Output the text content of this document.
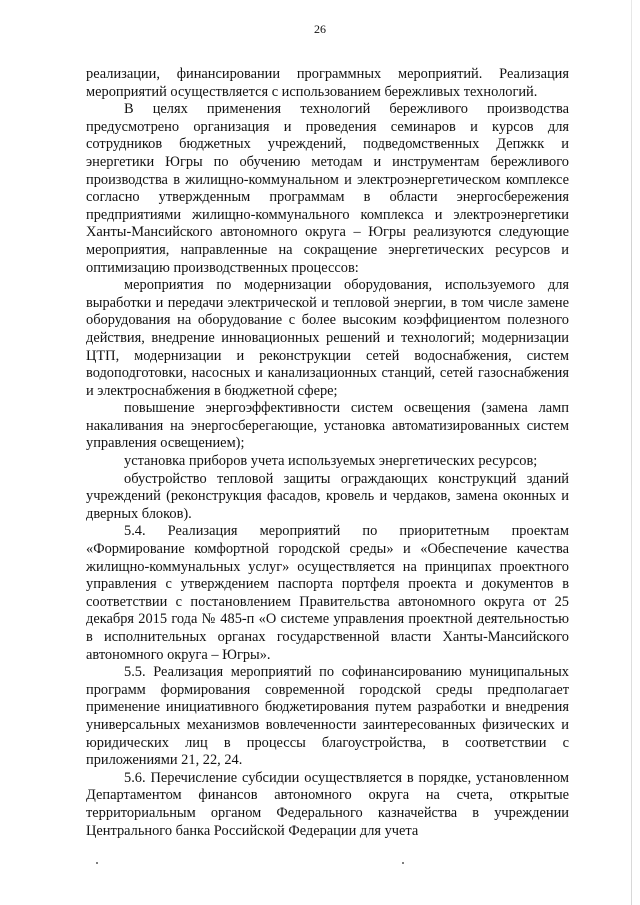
26

реализации, финансировании программных мероприятий. Реализация мероприятий осуществляется с использованием бережливых технологий.

В целях применения технологий бережливого производства предусмотрено организация и проведения семинаров и курсов для сотрудников бюджетных учреждений, подведомственных Депжкк и энергетики Югры по обучению методам и инструментам бережливого производства в жилищно-коммунальном и электроэнергетическом комплексе согласно утвержденным программам в области энергосбережения предприятиями жилищно-коммунального комплекса и электроэнергетики Ханты-Мансийского автономного округа – Югры реализуются следующие мероприятия, направленные на сокращение энергетических ресурсов и оптимизацию производственных процессов:

мероприятия по модернизации оборудования, используемого для выработки и передачи электрической и тепловой энергии, в том числе замене оборудования на оборудование с более высоким коэффициентом полезного действия, внедрение инновационных решений и технологий; модернизации ЦТП, модернизации и реконструкции сетей водоснабжения, систем водоподготовки, насосных и канализационных станций, сетей газоснабжения и электроснабжения в бюджетной сфере;

повышение энергоэффективности систем освещения (замена ламп накаливания на энергосберегающие, установка автоматизированных систем управления освещением);

установка приборов учета используемых энергетических ресурсов;

обустройство тепловой защиты ограждающих конструкций зданий учреждений (реконструкция фасадов, кровель и чердаков, замена оконных и дверных блоков).

5.4. Реализация мероприятий по приоритетным проектам «Формирование комфортной городской среды» и «Обеспечение качества жилищно-коммунальных услуг» осуществляется на принципах проектного управления с утверждением паспорта портфеля проекта и документов в соответствии с постановлением Правительства автономного округа от 25 декабря 2015 года № 485-п «О системе управления проектной деятельностью в исполнительных органах государственной власти Ханты-Мансийского автономного округа – Югры».

5.5. Реализация мероприятий по софинансированию муниципальных программ формирования современной городской среды предполагает применение инициативного бюджетирования путем разработки и внедрения универсальных механизмов вовлеченности заинтересованных физических и юридических лиц в процессы благоустройства, в соответствии с приложениями 21, 22, 24.

5.6. Перечисление субсидии осуществляется в порядке, установленном Департаментом финансов автономного округа на счета, открытые территориальным органом Федерального казначейства в учреждении Центрального банка Российской Федерации для учета
